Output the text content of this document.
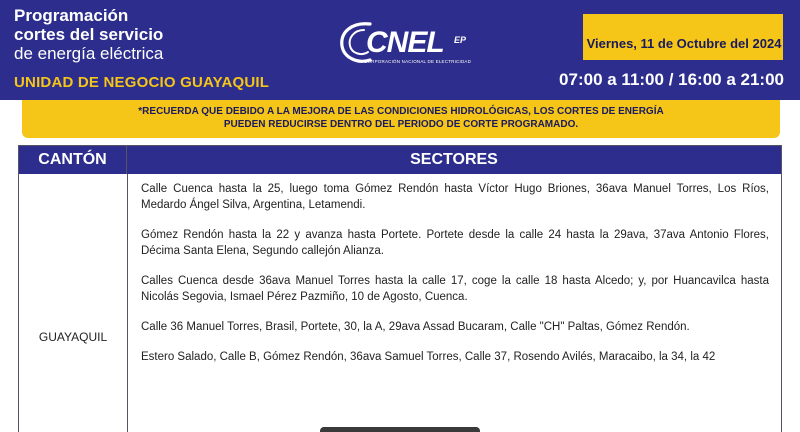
Programación
cortes del servicio
de energía eléctrica
UNIDAD DE NEGOCIO GUAYAQUIL
CNEL EP
CORPORACIÓN NACIONAL DE ELECTRICIDAD
Viernes, 11 de Octubre del 2024
07:00 a 11:00 / 16:00 a 21:00
*RECUERDA QUE DEBIDO A LA MEJORA DE LAS CONDICIONES HIDROLÓGICAS, LOS CORTES DE ENERGÍA
PUEDEN REDUCIRSE DENTRO DEL PERIODO DE CORTE PROGRAMADO.
CANTÓN	SECTORES
GUAYAQUIL

Calle Cuenca hasta la 25, luego toma Gómez Rendón hasta Víctor Hugo Briones, 36ava Manuel Torres, Los Ríos, Medardo Ángel Silva, Argentina, Letamendi.

Gómez Rendón hasta la 22 y avanza hasta Portete. Portete desde la calle 24 hasta la 29ava, 37ava Antonio Flores, Décima Santa Elena, Segundo callejón Alianza.

Calles Cuenca desde 36ava Manuel Torres hasta la calle 17, coge la calle 18 hasta Alcedo; y, por Huancavilca hasta Nicolás Segovia, Ismael Pérez Pazmiño, 10 de Agosto, Cuenca.

Calle 36 Manuel Torres, Brasil, Portete, 30, la A, 29ava Assad Bucaram, Calle "CH" Paltas, Gómez Rendón.

Estero Salado, Calle B, Gómez Rendón, 36ava Samuel Torres, Calle 37, Rosendo Avilés, Maracaibo, la 34, la 42
